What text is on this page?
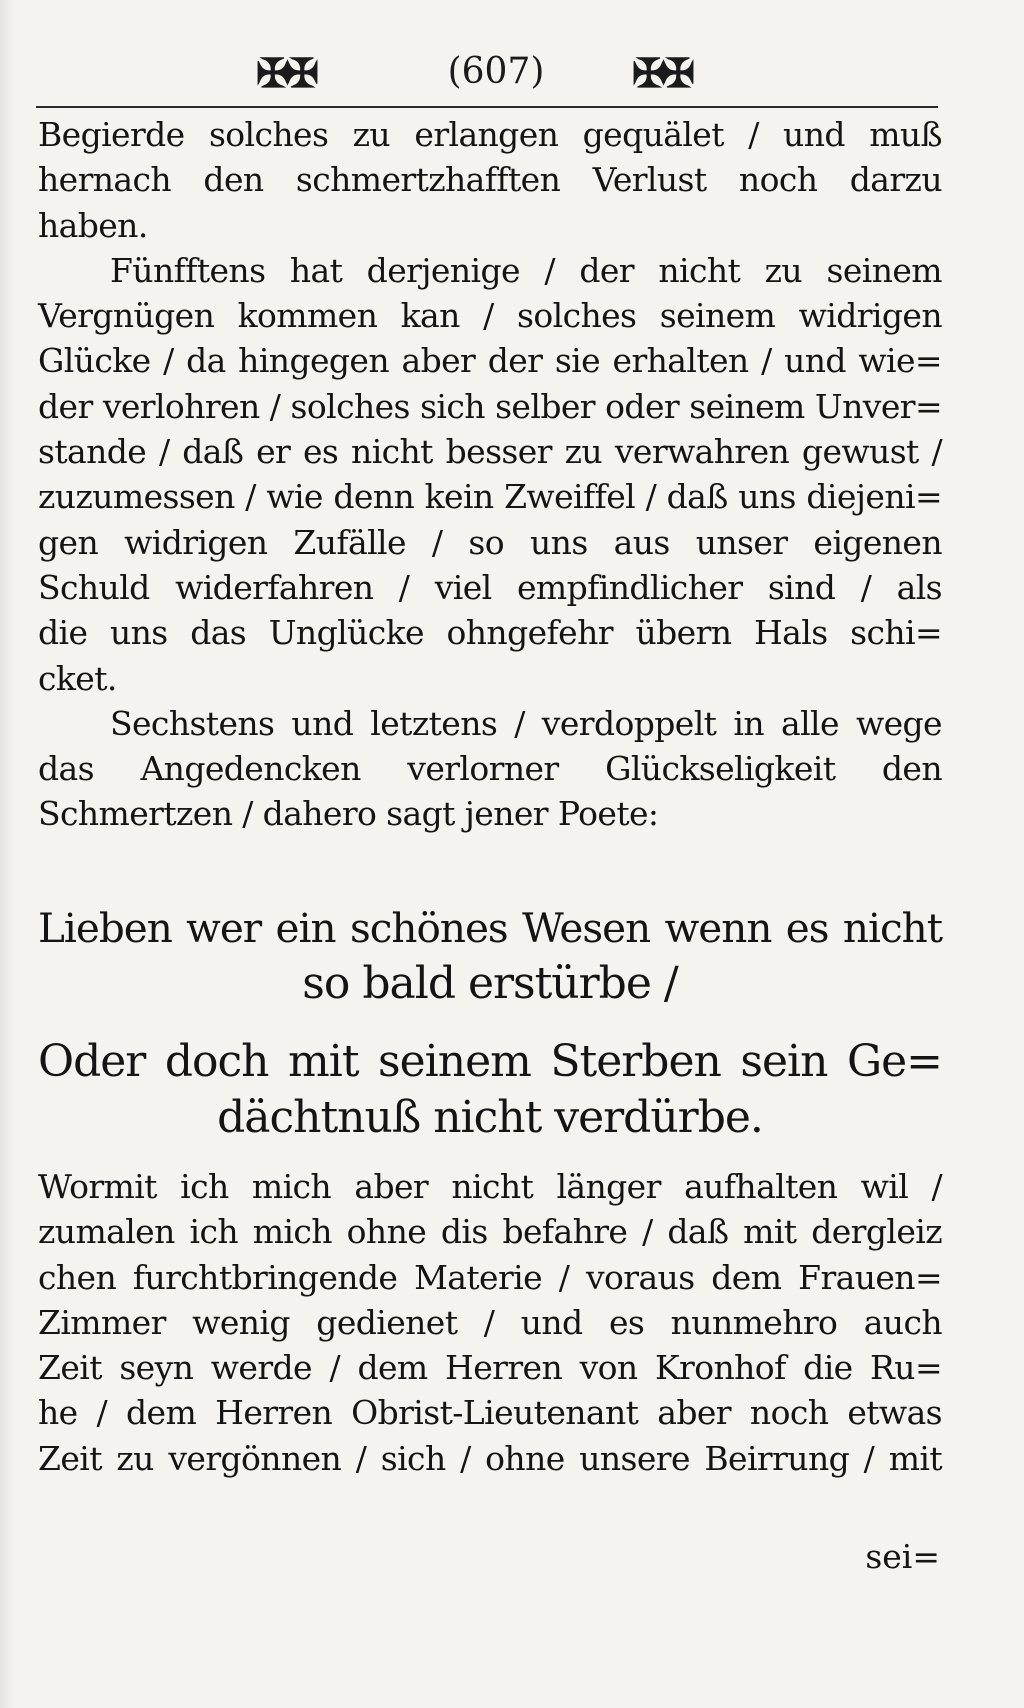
✠✠	(607)	✠✠
Begierde solches zu erlangen gequälet / und muß
hernach den schmertzhafften Verlust noch darzu
haben.
Fünfftens hat derjenige / der nicht zu seinem
Vergnügen kommen kan / solches seinem widrigen
Glücke / da hingegen aber der sie erhalten / und wie=
der verlohren / solches sich selber oder seinem Unver=
stande / daß er es nicht besser zu verwahren gewust /
zuzumessen / wie denn kein Zweiffel / daß uns diejeni=
gen widrigen Zufälle / so uns aus unser eigenen
Schuld widerfahren / viel empfindlicher sind / als
die uns das Unglücke ohngefehr übern Hals schi=
cket.
Sechstens und letztens / verdoppelt in alle wege
das Angedencken verlorner Glückseligkeit den
Schmertzen / dahero sagt jener Poete:
Lieben wer ein schönes Wesen wenn es nicht
so bald erstürbe /
Oder doch mit seinem Sterben sein Ge=
dächtnuß nicht verdürbe.
Wormit ich mich aber nicht länger aufhalten wil /
zumalen ich mich ohne dis befahre / daß mit dergleiz
chen furchtbringende Materie / voraus dem Frauen=
Zimmer wenig gedienet / und es nunmehro auch
Zeit seyn werde / dem Herren von Kronhof die Ru=
he / dem Herren Obrist-Lieutenant aber noch etwas
Zeit zu vergönnen / sich / ohne unsere Beirrung / mit
sei=
